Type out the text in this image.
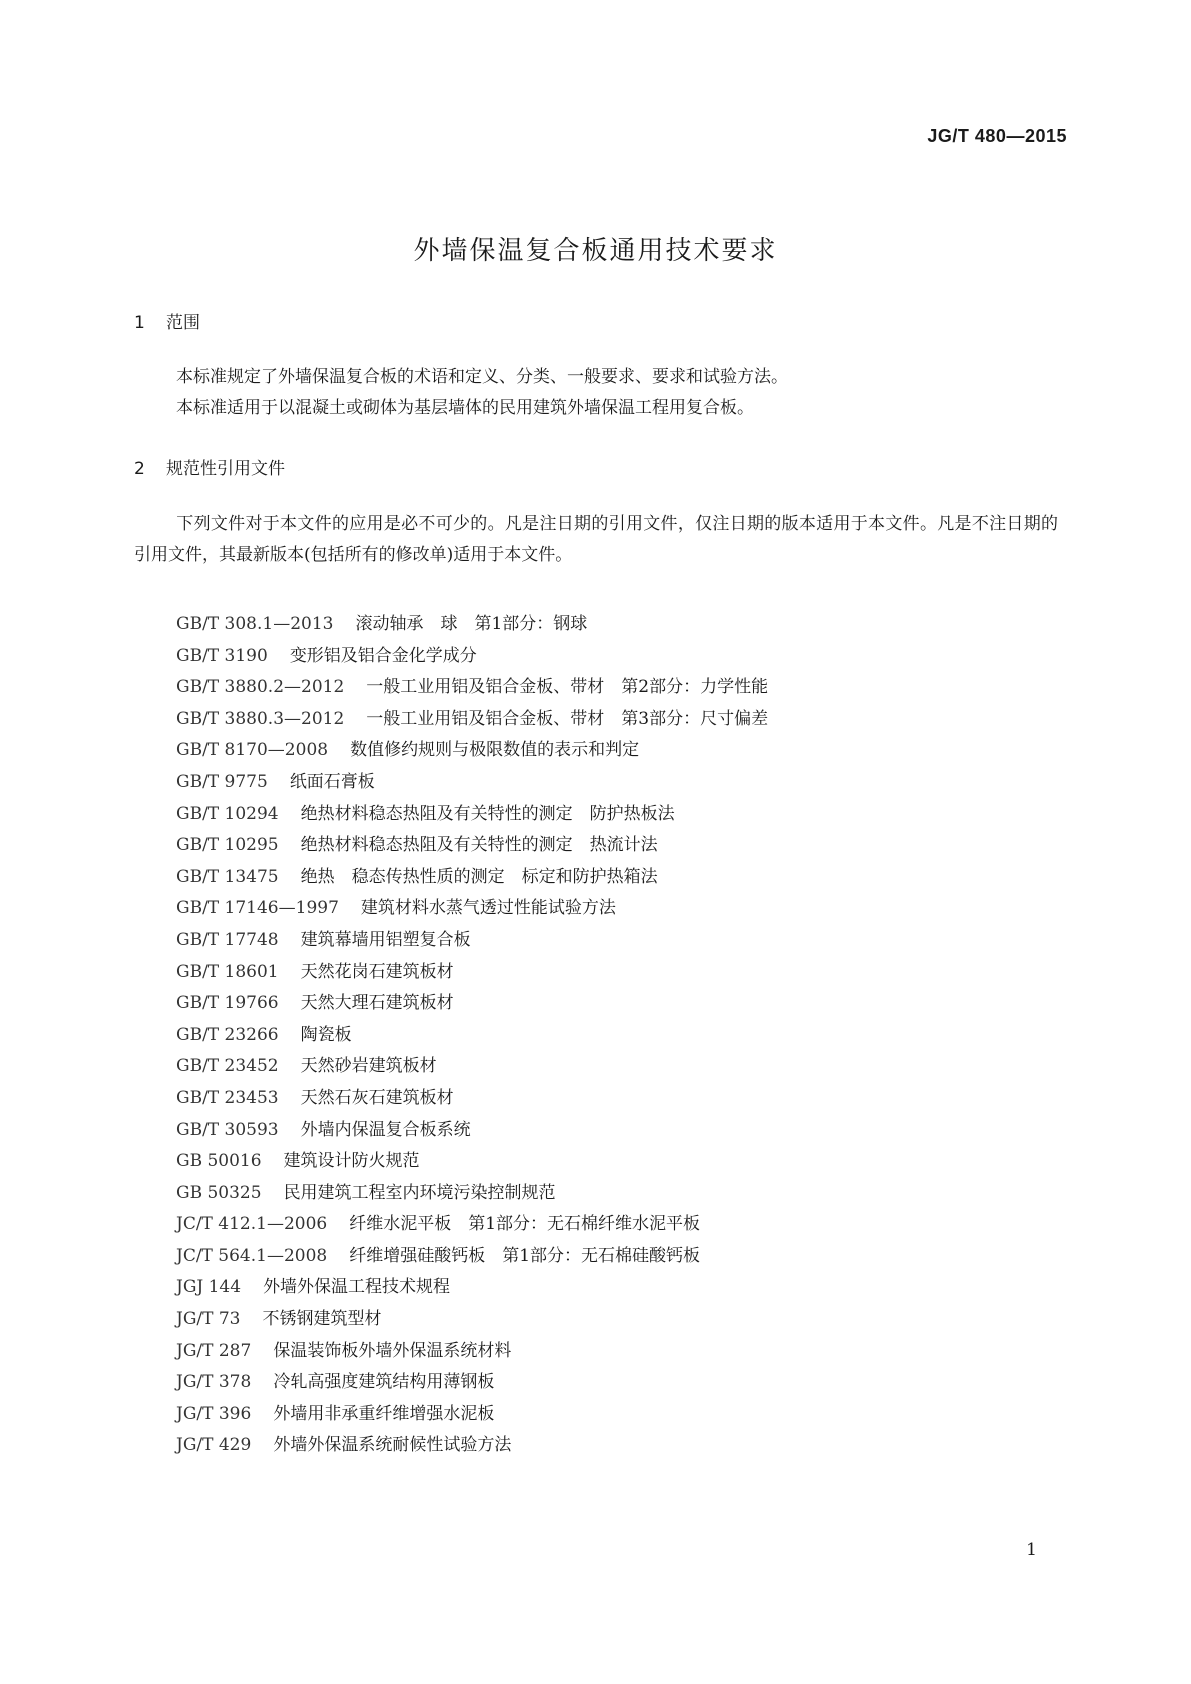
JG/T 480—2015
外墙保温复合板通用技术要求
1 范围

本标准规定了外墙保温复合板的术语和定义、分类、一般要求、要求和试验方法。

本标准适用于以混凝土或砌体为基层墙体的民用建筑外墙保温工程用复合板。

2 规范性引用文件

下列文件对于本文件的应用是必不可少的。凡是注日期的引用文件，仅注日期的版本适用于本文件。凡是不注日期的引用文件，其最新版本(包括所有的修改单)适用于本文件。

GB/T 308.1—2013 滚动轴承　球　第1部分：钢球
GB/T 3190 变形铝及铝合金化学成分
GB/T 3880.2—2012 一般工业用铝及铝合金板、带材　第2部分：力学性能
GB/T 3880.3—2012 一般工业用铝及铝合金板、带材　第3部分：尺寸偏差
GB/T 8170—2008 数值修约规则与极限数值的表示和判定
GB/T 9775 纸面石膏板
GB/T 10294 绝热材料稳态热阻及有关特性的测定　防护热板法
GB/T 10295 绝热材料稳态热阻及有关特性的测定　热流计法
GB/T 13475 绝热　稳态传热性质的测定　标定和防护热箱法
GB/T 17146—1997 建筑材料水蒸气透过性能试验方法
GB/T 17748 建筑幕墙用铝塑复合板
GB/T 18601 天然花岗石建筑板材
GB/T 19766 天然大理石建筑板材
GB/T 23266 陶瓷板
GB/T 23452 天然砂岩建筑板材
GB/T 23453 天然石灰石建筑板材
GB/T 30593 外墙内保温复合板系统
GB 50016 建筑设计防火规范
GB 50325 民用建筑工程室内环境污染控制规范
JC/T 412.1—2006 纤维水泥平板　第1部分：无石棉纤维水泥平板
JC/T 564.1—2008 纤维增强硅酸钙板　第1部分：无石棉硅酸钙板
JGJ 144 外墙外保温工程技术规程
JG/T 73 不锈钢建筑型材
JG/T 287 保温装饰板外墙外保温系统材料
JG/T 378 冷轧高强度建筑结构用薄钢板
JG/T 396 外墙用非承重纤维增强水泥板
JG/T 429 外墙外保温系统耐候性试验方法
1
